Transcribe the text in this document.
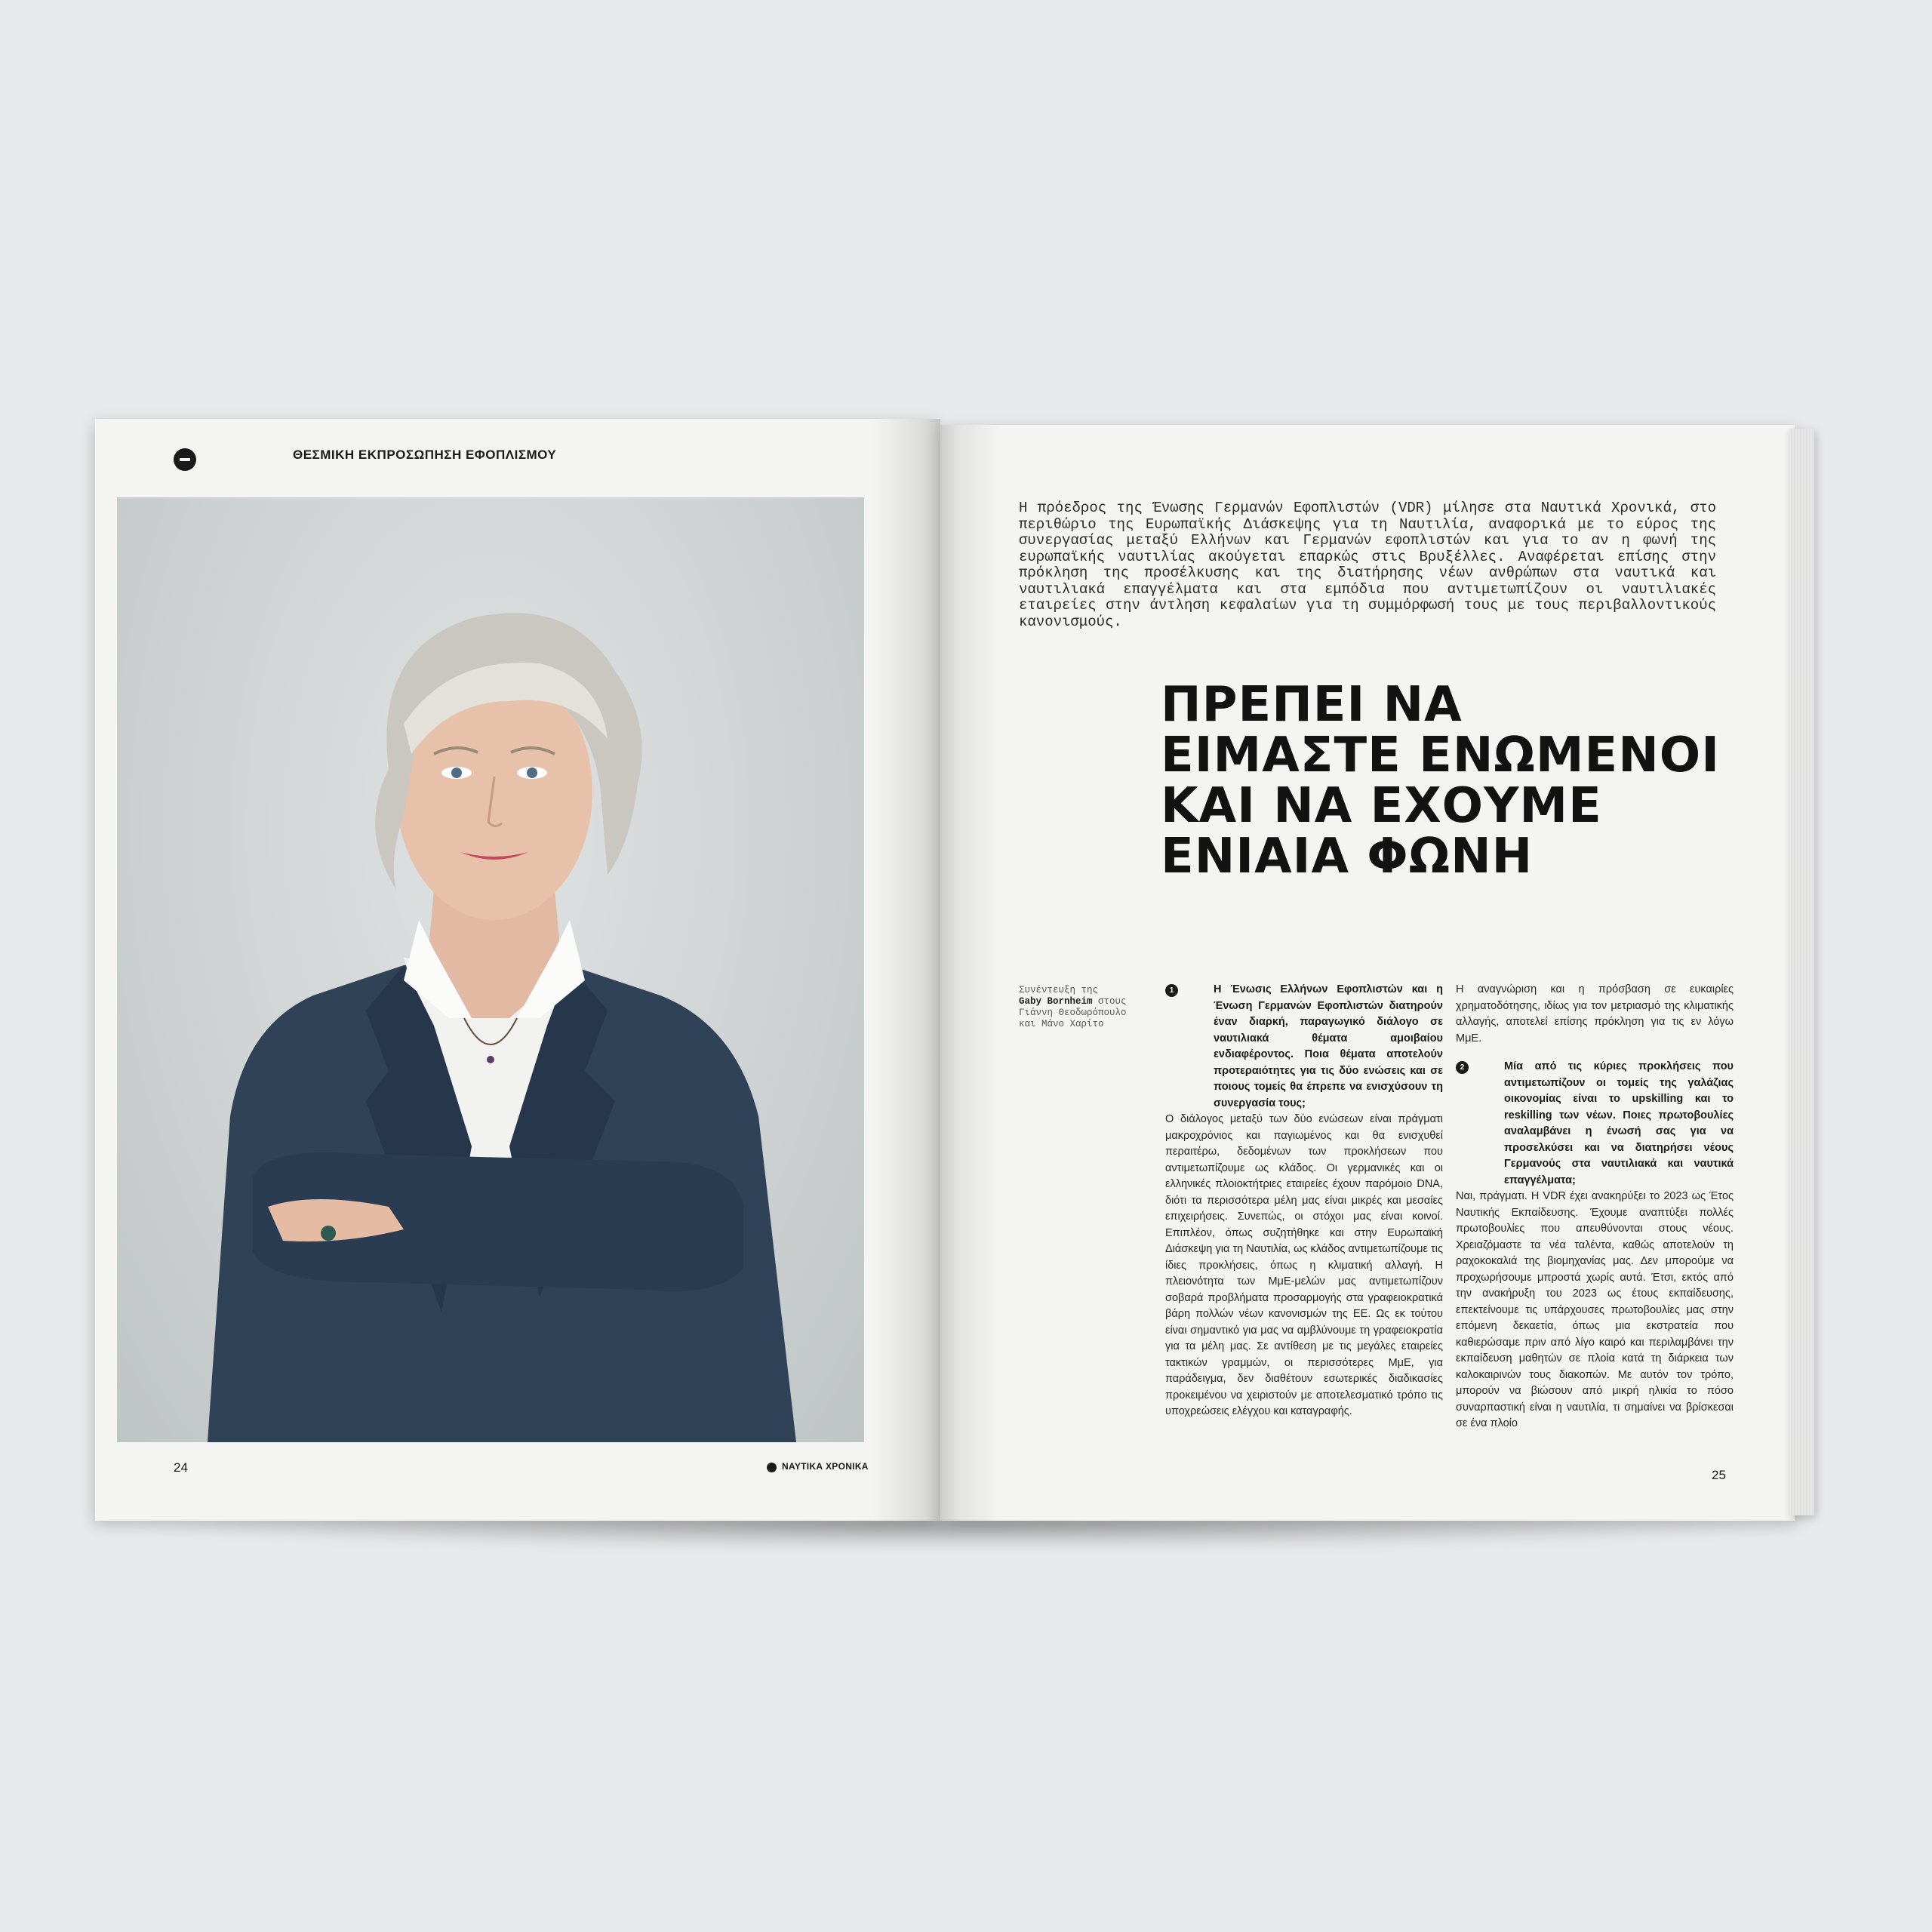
ΘΕΣΜΙΚΗ ΕΚΠΡΟΣΩΠΗΣΗ ΕΦΟΠΛΙΣΜΟΥ
24	ΝΑΥΤΙΚΑ ΧΡΟΝΙΚΑ

Η πρόεδρος της Ένωσης Γερμανών Εφοπλιστών (VDR) μίλησε στα Ναυτικά Χρονικά, στο περιθώριο της Ευρωπαϊκής Διάσκεψης για τη Ναυτιλία, αναφορικά με το εύρος της συνεργασίας μεταξύ Ελλήνων και Γερμανών εφοπλιστών και για το αν η φωνή της ευρωπαϊκής ναυτιλίας ακούγεται επαρκώς στις Βρυξέλλες. Αναφέρεται επίσης στην πρόκληση της προσέλκυσης και της διατήρησης νέων ανθρώπων στα ναυτικά και ναυτιλιακά επαγγέλματα και στα εμπόδια που αντιμετωπίζουν οι ναυτιλιακές εταιρείες στην άντληση κεφαλαίων για τη συμμόρφωσή τους με τους περιβαλλοντικούς κανονισμούς.

ΠΡΕΠΕΙ ΝΑ
ΕΙΜΑΣΤΕ ΕΝΩΜΕΝΟΙ
ΚΑΙ ΝΑ ΕΧΟΥΜΕ
ΕΝΙΑΙΑ ΦΩΝΗ
Συνέντευξη της
Gaby Bornheim στους Γιάννη Θεοδωρόπουλο και Μάνο Χαρίτο
1	Η Ένωσις Ελλήνων Εφοπλιστών και η Ένωση Γερμανών Εφοπλιστών διατηρούν έναν διαρκή, παραγωγικό διάλογο σε ναυτιλιακά θέματα αμοιβαίου ενδιαφέροντος. Ποια θέματα αποτελούν προτεραιότητες για τις δύο ενώσεις και σε ποιους τομείς θα έπρεπε να ενισχύσουν τη συνεργασία τους;

Ο διάλογος μεταξύ των δύο ενώσεων είναι πράγματι μακροχρόνιος και παγιωμένος και θα ενισχυθεί περαιτέρω, δεδομένων των προκλήσεων που αντιμετωπίζουμε ως κλάδος. Οι γερμανικές και οι ελληνικές πλοιοκτήτριες εταιρείες έχουν παρόμοιο DNA, διότι τα περισσότερα μέλη μας είναι μικρές και μεσαίες επιχειρήσεις. Συνεπώς, οι στόχοι μας είναι κοινοί. Επιπλέον, όπως συζητήθηκε και στην Ευρωπαϊκή Διάσκεψη για τη Ναυτιλία, ως κλάδος αντιμετωπίζουμε τις ίδιες προκλήσεις, όπως η κλιματική αλλαγή. Η πλειονότητα των ΜμΕ-μελών μας αντιμετωπίζουν σοβαρά προβλήματα προσαρμογής στα γραφειοκρατικά βάρη πολλών νέων κανονισμών της ΕΕ. Ως εκ τούτου είναι σημαντικό για μας να αμβλύνουμε τη γραφειοκρατία για τα μέλη μας. Σε αντίθεση με τις μεγάλες εταιρείες τακτικών γραμμών, οι περισσότερες ΜμΕ, για παράδειγμα, δεν διαθέτουν εσωτερικές διαδικασίες προκειμένου να χειριστούν με αποτελεσματικό τρόπο τις υποχρεώσεις ελέγχου και καταγραφής.

Η αναγνώριση και η πρόσβαση σε ευκαιρίες χρηματοδότησης, ιδίως για τον μετριασμό της κλιματικής αλλαγής, αποτελεί επίσης πρόκληση για τις εν λόγω ΜμΕ.

2	Μία από τις κύριες προκλήσεις που αντιμετωπίζουν οι τομείς της γαλάζιας οικονομίας είναι το upskilling και το reskilling των νέων. Ποιες πρωτοβουλίες αναλαμβάνει η ένωσή σας για να προσελκύσει και να διατηρήσει νέους Γερμανούς στα ναυτιλιακά και ναυτικά επαγγέλματα;

Ναι, πράγματι. Η VDR έχει ανακηρύξει το 2023 ως Έτος Ναυτικής Εκπαίδευσης. Έχουμε αναπτύξει πολλές πρωτοβουλίες που απευθύνονται στους νέους. Χρειαζόμαστε τα νέα ταλέντα, καθώς αποτελούν τη ραχοκοκαλιά της βιομηχανίας μας. Δεν μπορούμε να προχωρήσουμε μπροστά χωρίς αυτά. Έτσι, εκτός από την ανακήρυξη του 2023 ως έτους εκπαίδευσης, επεκτείνουμε τις υπάρχουσες πρωτοβουλίες μας στην επόμενη δεκαετία, όπως μια εκστρατεία που καθιερώσαμε πριν από λίγο καιρό και περιλαμβάνει την εκπαίδευση μαθητών σε πλοία κατά τη διάρκεια των καλοκαιρινών τους διακοπών. Με αυτόν τον τρόπο, μπορούν να βιώσουν από μικρή ηλικία το πόσο συναρπαστική είναι η ναυτιλία, τι σημαίνει να βρίσκεσαι σε ένα πλοίο

25
